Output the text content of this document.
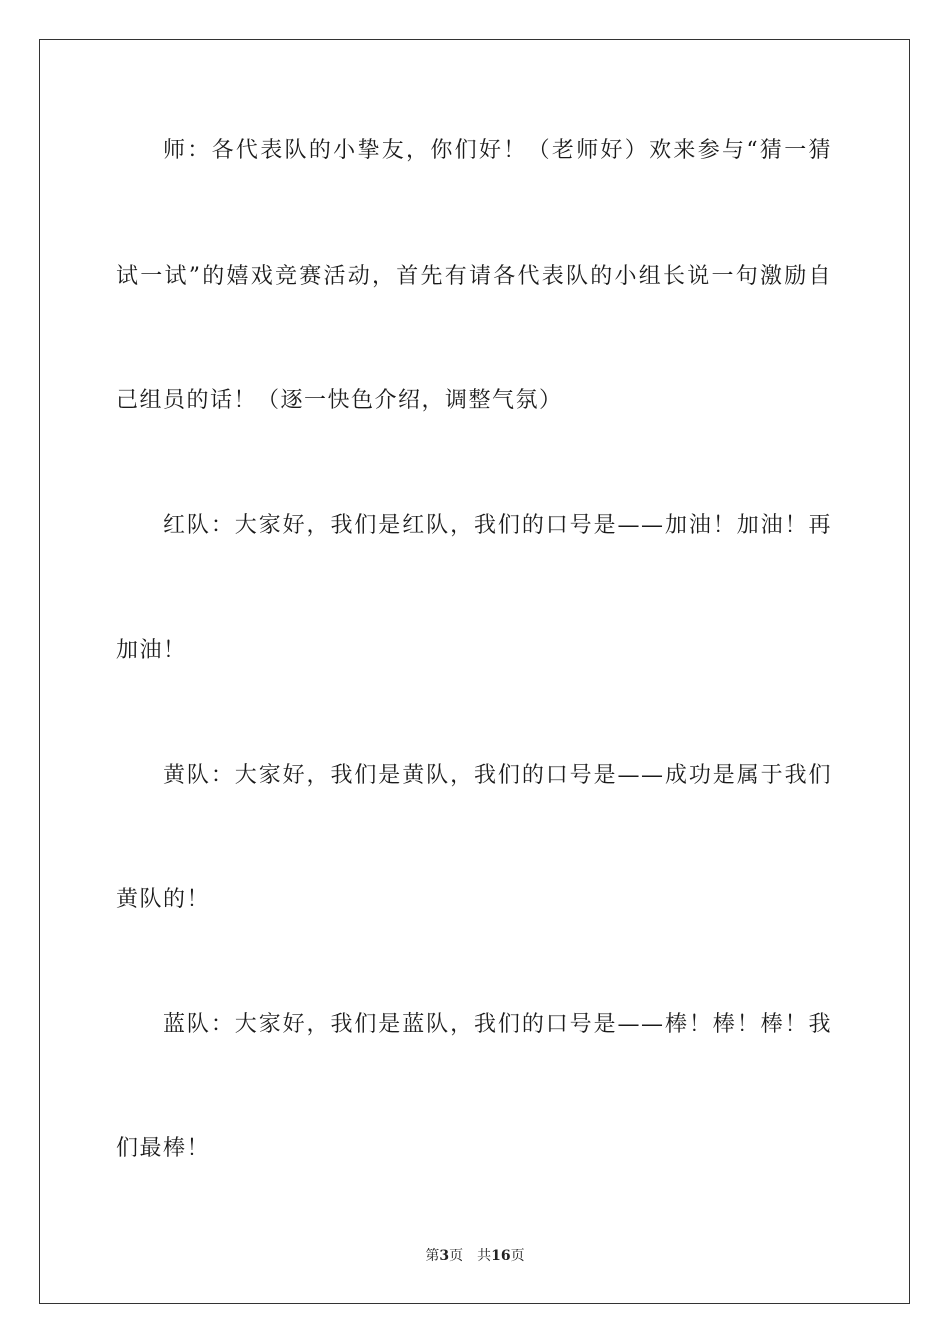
师：各代表队的小挚友，你们好！（老师好）欢来参与“猜一猜
试一试”的嬉戏竞赛活动，首先有请各代表队的小组长说一句激励自
己组员的话！（逐一快色介绍，调整气氛）
红队：大家好，我们是红队，我们的口号是——加油！加油！再
加油！
黄队：大家好，我们是黄队，我们的口号是——成功是属于我们
黄队的！
蓝队：大家好，我们是蓝队，我们的口号是——棒！棒！棒！我
们最棒！
第3页 共16页
